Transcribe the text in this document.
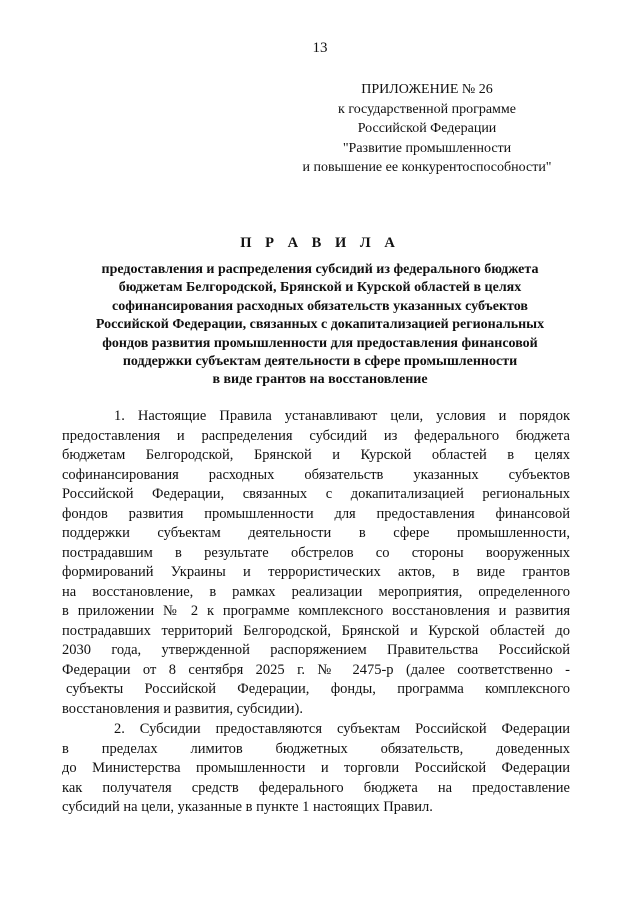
13
ПРИЛОЖЕНИЕ № 26
к государственной программе
Российской Федерации
"Развитие промышленности
и повышение ее конкурентоспособности"
П Р А В И Л А
предоставления и распределения субсидий из федерального бюджета
бюджетам Белгородской, Брянской и Курской областей в целях
софинансирования расходных обязательств указанных субъектов
Российской Федерации, связанных с докапитализацией региональных
фондов развития промышленности для предоставления финансовой
поддержки субъектам деятельности в сфере промышленности
в виде грантов на восстановление
1. Настоящие Правила устанавливают цели, условия и порядок
предоставления и распределения субсидий из федерального бюджета
бюджетам Белгородской, Брянской и Курской областей в целях
софинансирования расходных обязательств указанных субъектов
Российской Федерации, связанных с докапитализацией региональных
фондов развития промышленности для предоставления финансовой
поддержки субъектам деятельности в сфере промышленности,
пострадавшим в результате обстрелов со стороны вооруженных
формирований Украины и террористических актов, в виде грантов
на восстановление, в рамках реализации мероприятия, определенного
в приложении № 2 к программе комплексного восстановления и развития
пострадавших территорий Белгородской, Брянской и Курской областей до
2030 года, утвержденной распоряжением Правительства Российской
Федерации от 8 сентября 2025 г. № 2475-р (далее соответственно -
субъекты Российской Федерации, фонды, программа комплексного
восстановления и развития, субсидии).
2. Субсидии предоставляются субъектам Российской Федерации
в пределах лимитов бюджетных обязательств, доведенных
до Министерства промышленности и торговли Российской Федерации
как получателя средств федерального бюджета на предоставление
субсидий на цели, указанные в пункте 1 настоящих Правил.
